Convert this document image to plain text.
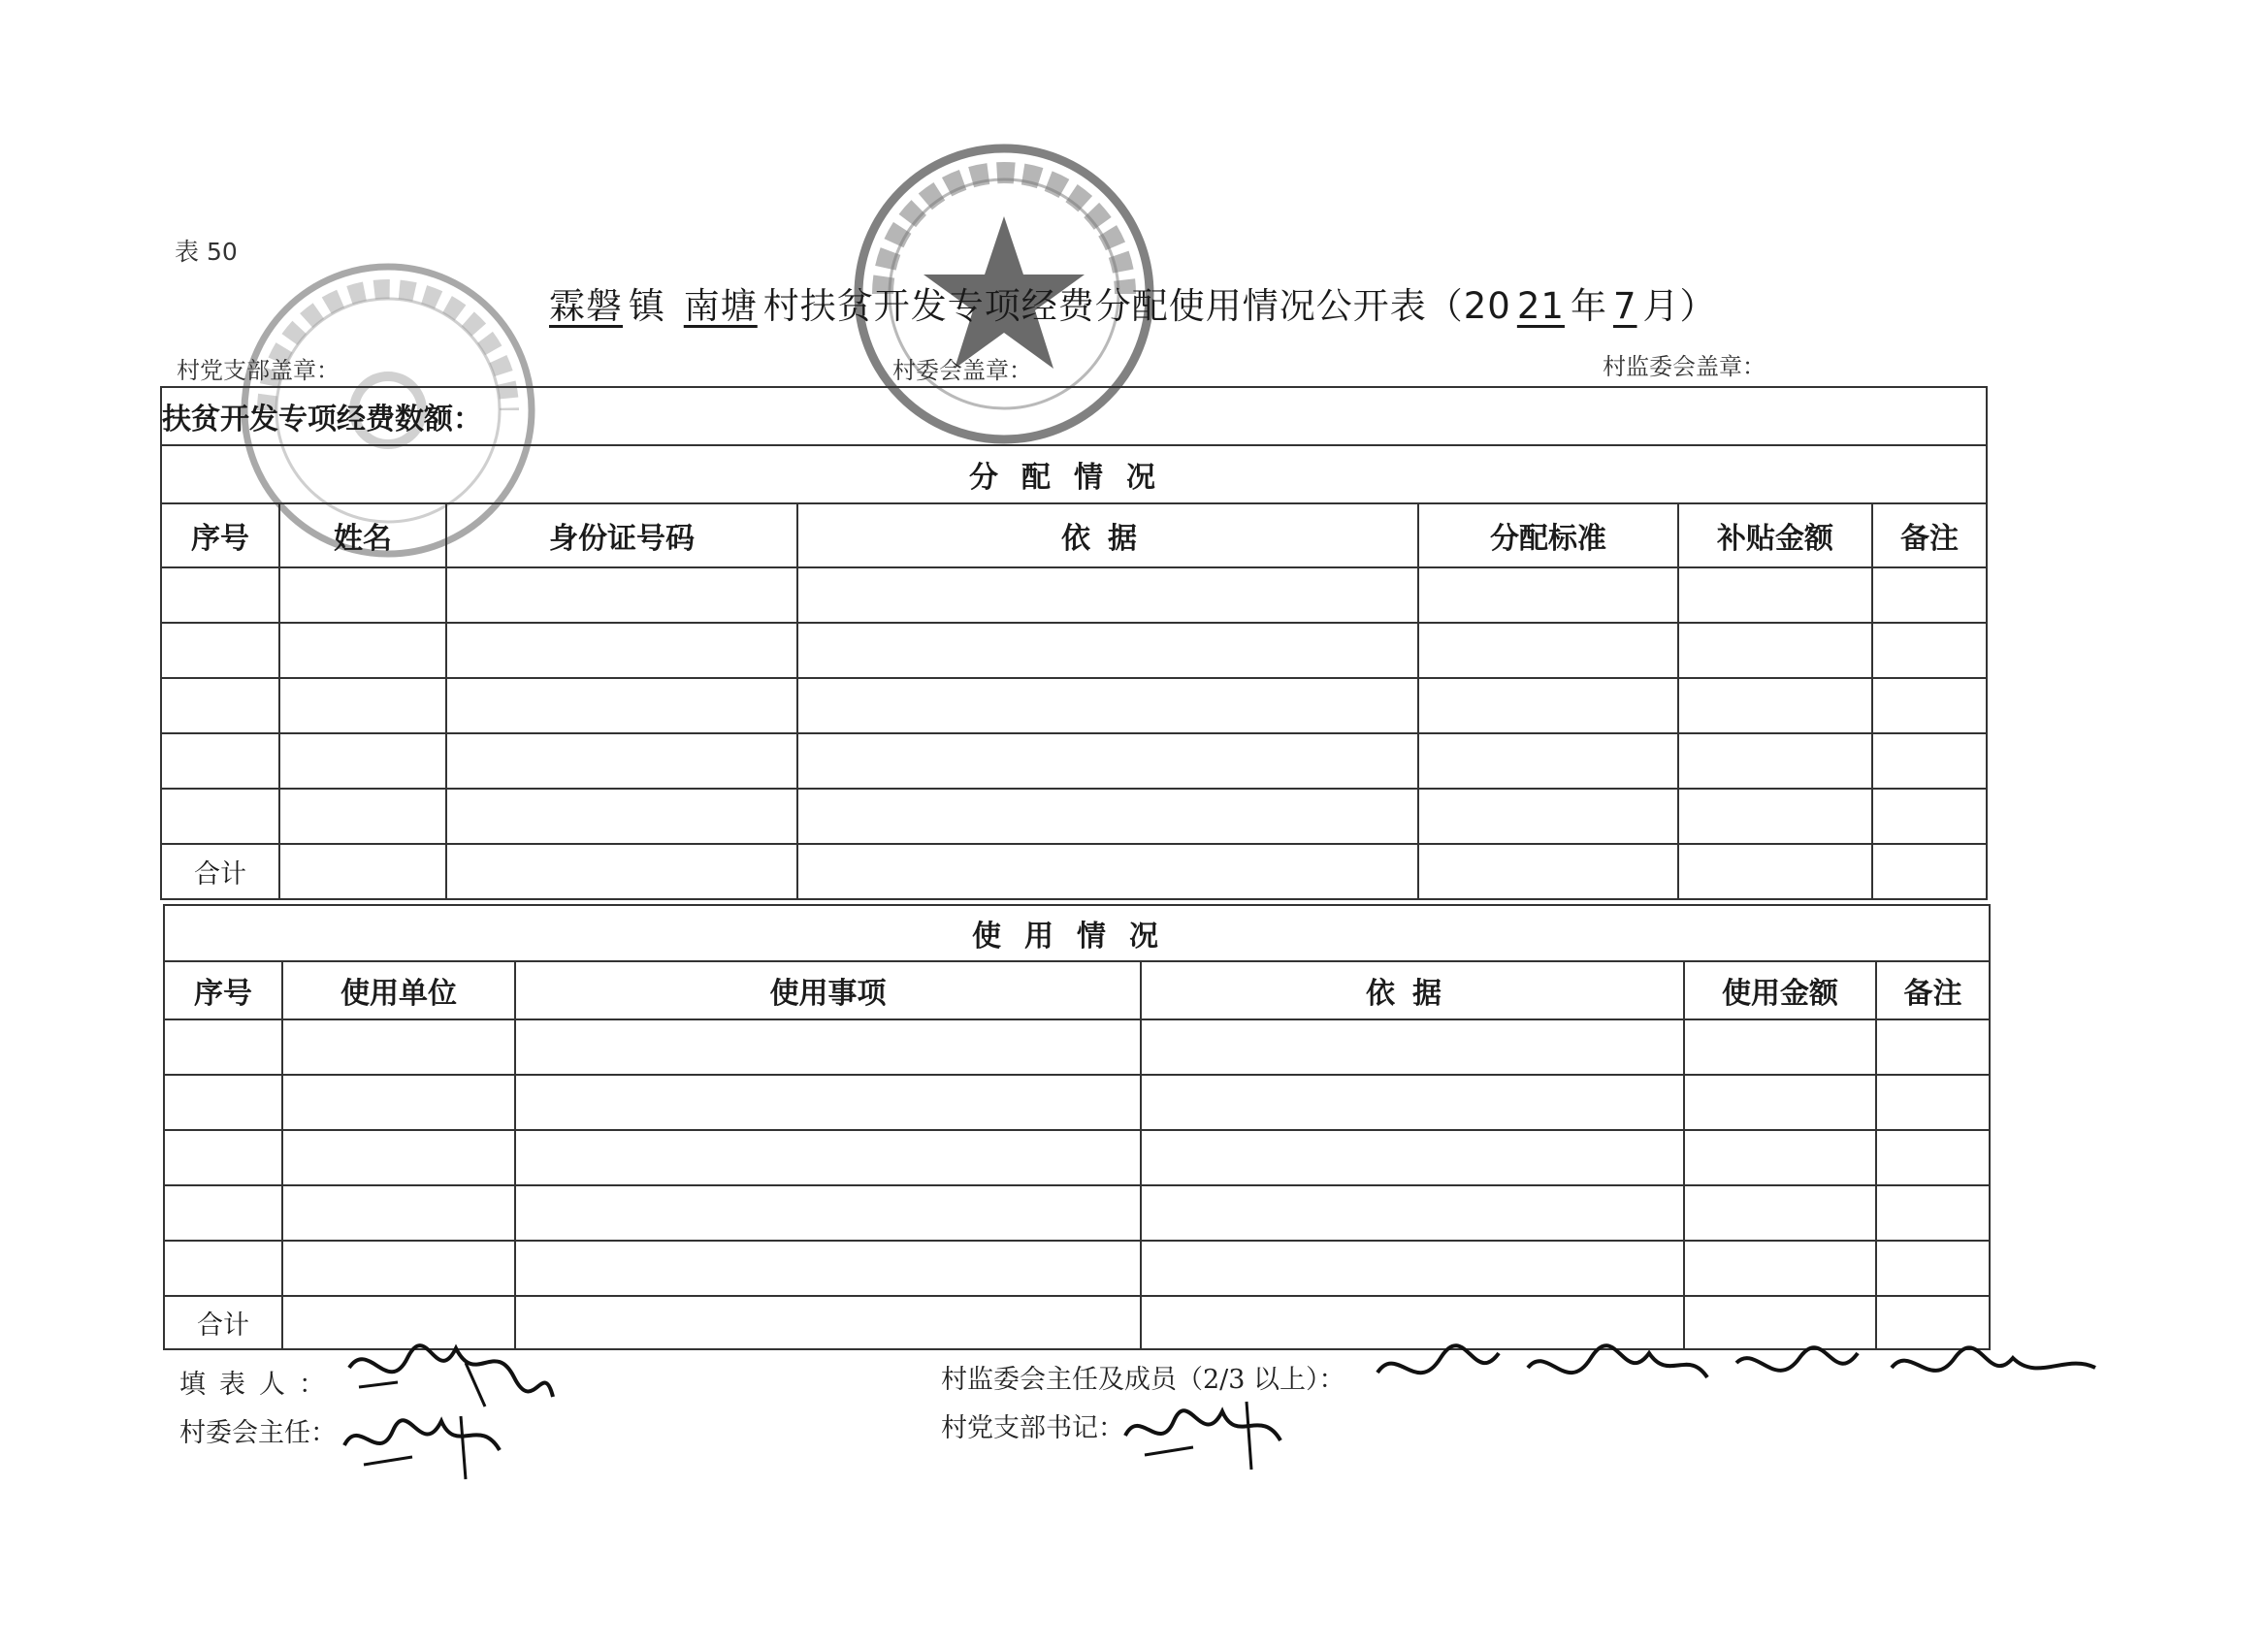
表 50
霖磐 镇 南塘 村扶贫开发专项经费分配使用情况公开表（20 21 年 7 月）
村党支部盖章：	村委会盖章：	村监委会盖章：
扶贫开发专项经费数额：						
分配情况						
序号	姓名	身份证号码	依据	分配标准	补贴金额	备注

合计						
使用情况					
序号	使用单位	使用事项	依据	使用金额	备注

合计					
填表人：
村委会主任：
村监委会主任及成员（2/3 以上）：
村党支部书记：
